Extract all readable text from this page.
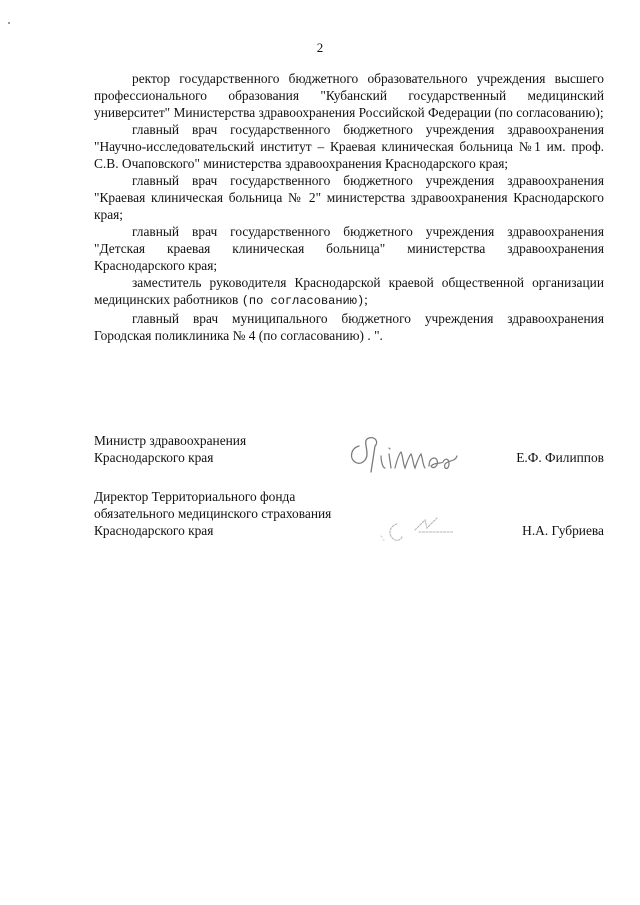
2

ректор государственного бюджетного образовательного учреждения высшего профессионального образования "Кубанский государственный медицинский университет" Министерства здравоохранения Российской Федерации (по согласованию);

главный врач государственного бюджетного учреждения здравоохранения "Научно-исследовательский институт – Краевая клиническая больница №1 им. проф. С.В. Очаповского" министерства здравоохранения Краснодарского края;

главный врач государственного бюджетного учреждения здравоохранения "Краевая клиническая больница № 2" министерства здравоохранения Краснодарского края;

главный врач государственного бюджетного учреждения здравоохранения "Детская краевая клиническая больница" министерства здравоохранения Краснодарского края;

заместитель руководителя Краснодарской краевой общественной организации медицинских работников (по согласованию);

главный врач муниципального бюджетного учреждения здравоохранения Городская поликлиника № 4 (по согласованию) . ".

Министр здравоохранения
Краснодарского края	Е.Ф. Филиппов
Директор Территориального фонда
обязательного медицинского страхования
Краснодарского края	Н.А. Губриева
